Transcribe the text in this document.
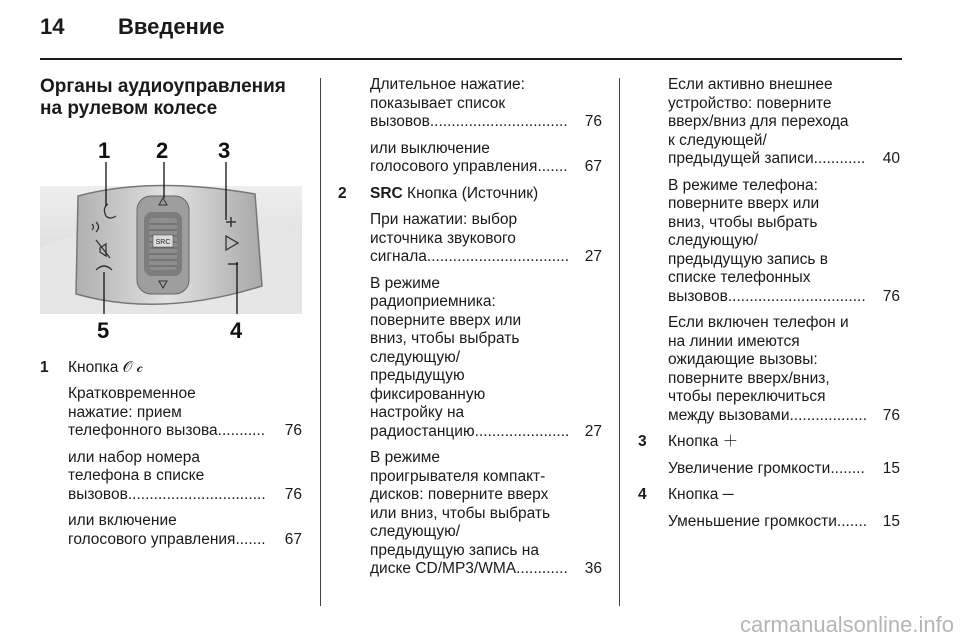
14 Введение
Органы аудиоуправления на рулевом колесе
SRC
1 2 3
4
5
1 Кнопка 𝒪 𝒸
Кратковременное
нажатие: прием
телефонного вызова ...........	76
или набор номера
телефона в списке
вызовов ................................	76
или включение
голосового управления .......	67
Длительное нажатие:
показывает список
вызовов ................................	76
или выключение
голосового управления .......	67
2 SRC Кнопка (Источник)
При нажатии: выбор
источника звукового
сигнала .................................	27
В режиме
радиоприемника:
поверните вверх или
вниз, чтобы выбрать
следующую/
предыдущую
фиксированную
настройку на
радиостанцию ...................... 27
В режиме
проигрывателя компакт-
дисков: поверните вверх
или вниз, чтобы выбрать
следующую/
предыдущую запись на
диске CD/MP3/WMA ............	36
Если активно внешнее
устройство: поверните
вверх/вниз для перехода
к следующей/
предыдущей записи ............	40
В режиме телефона:
поверните вверх или
вниз, чтобы выбрать
следующую/
предыдущую запись в
списке телефонных
вызовов ................................	76
Если включен телефон и
на линии имеются
ожидающие вызовы:
поверните вверх/вниз,
чтобы переключиться
между вызовами ..................	76
3 Кнопка ＋
Увеличение громкости ........	15
4 Кнопка ─
Уменьшение громкости .......	15
carmanualsonline.info
